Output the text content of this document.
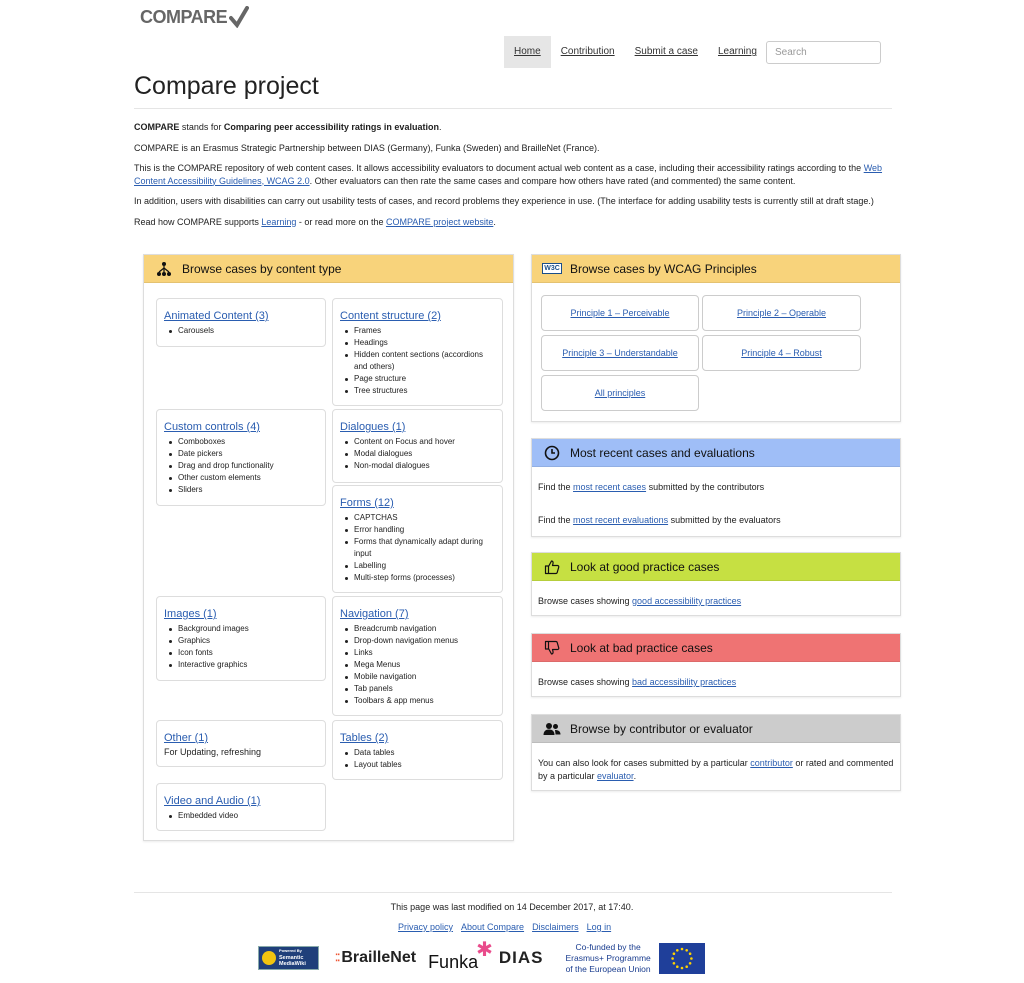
COMPARE
Home	Contribution	Submit a case	Learning
Search
Compare project

COMPARE stands for Comparing peer accessibility ratings in evaluation.

COMPARE is an Erasmus Strategic Partnership between DIAS (Germany), Funka (Sweden) and BrailleNet (France).

This is the COMPARE repository of web content cases. It allows accessibility evaluators to document actual web content as a case, including their accessibility ratings according to the Web Content Accessibility Guidelines, WCAG 2.0. Other evaluators can then rate the same cases and compare how others have rated (and commented) the same content.

In addition, users with disabilities can carry out usability tests of cases, and record problems they experience in use. (The interface for adding usability tests is currently still at draft stage.)

Read how COMPARE supports Learning - or read more on the COMPARE project website.

Browse cases by content type
Animated Content (3)
Carousels
Content structure (2)
Frames
Headings
Hidden content sections (accordions and others)
Page structure
Tree structures
Custom controls (4)
Comboboxes
Date pickers
Drag and drop functionality
Other custom elements
Sliders
Dialogues (1)
Content on Focus and hover
Modal dialogues
Non-modal dialogues
Forms (12)
CAPTCHAS
Error handling
Forms that dynamically adapt during input
Labelling
Multi-step forms (processes)
Images (1)
Background images
Graphics
Icon fonts
Interactive graphics
Navigation (7)
Breadcrumb navigation
Drop-down navigation menus
Links
Mega Menus
Mobile navigation
Tab panels
Toolbars & app menus
Other (1)
For Updating, refreshing
Tables (2)
Data tables
Layout tables
Video and Audio (1)
Embedded video
W3C Browse cases by WCAG Principles
Principle 1 – Perceivable	Principle 2 – Operable
Principle 3 – Understandable	Principle 4 – Robust
All principles
Most recent cases and evaluations
Find the most recent cases submitted by the contributors
Find the most recent evaluations submitted by the evaluators
Look at good practice cases
Browse cases showing good accessibility practices
Look at bad practice cases
Browse cases showing bad accessibility practices
Browse by contributor or evaluator
You can also look for cases submitted by a particular contributor or rated and commented by a particular evaluator.
This page was last modified on 14 December 2017, at 17:40.
Privacy policy About Compare Disclaimers Log in
Powered By
Semantic
MediaWiki
⁚⁚ BrailleNet Funka
✱ DIAS
Co-funded by the
Erasmus+ Programme
of the European Union
